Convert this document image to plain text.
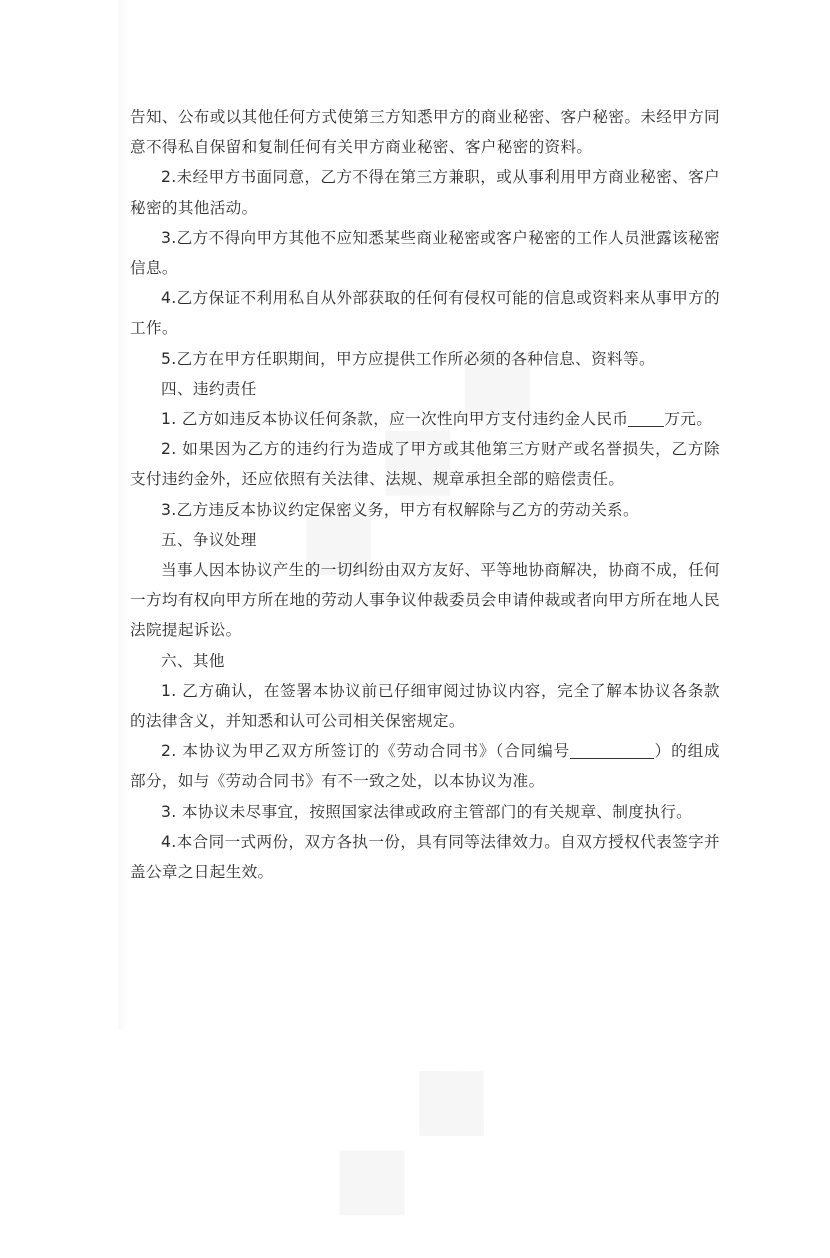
告知、公布或以其他任何方式使第三方知悉甲方的商业秘密、客户秘密。未经甲方同意不得私自保留和复制任何有关甲方商业秘密、客户秘密的资料。

2.未经甲方书面同意，乙方不得在第三方兼职，或从事利用甲方商业秘密、客户秘密的其他活动。

3.乙方不得向甲方其他不应知悉某些商业秘密或客户秘密的工作人员泄露该秘密信息。

4.乙方保证不利用私自从外部获取的任何有侵权可能的信息或资料来从事甲方的工作。

5.乙方在甲方任职期间，甲方应提供工作所必须的各种信息、资料等。

四、违约责任

1. 乙方如违反本协议任何条款，应一次性向甲方支付违约金人民币 万元。

2. 如果因为乙方的违约行为造成了甲方或其他第三方财产或名誉损失，乙方除支付违约金外，还应依照有关法律、法规、规章承担全部的赔偿责任。

3.乙方违反本协议约定保密义务，甲方有权解除与乙方的劳动关系。

五、争议处理

当事人因本协议产生的一切纠纷由双方友好、平等地协商解决，协商不成，任何一方均有权向甲方所在地的劳动人事争议仲裁委员会申请仲裁或者向甲方所在地人民法院提起诉讼。

六、其他

1. 乙方确认，在签署本协议前已仔细审阅过协议内容，完全了解本协议各条款的法律含义，并知悉和认可公司相关保密规定。

2. 本协议为甲乙双方所签订的《劳动合同书》（合同编号	）的组成部分，如与《劳动合同书》有不一致之处，以本协议为准。

3. 本协议未尽事宜，按照国家法律或政府主管部门的有关规章、制度执行。

4.本合同一式两份，双方各执一份，具有同等法律效力。自双方授权代表签字并盖公章之日起生效。
